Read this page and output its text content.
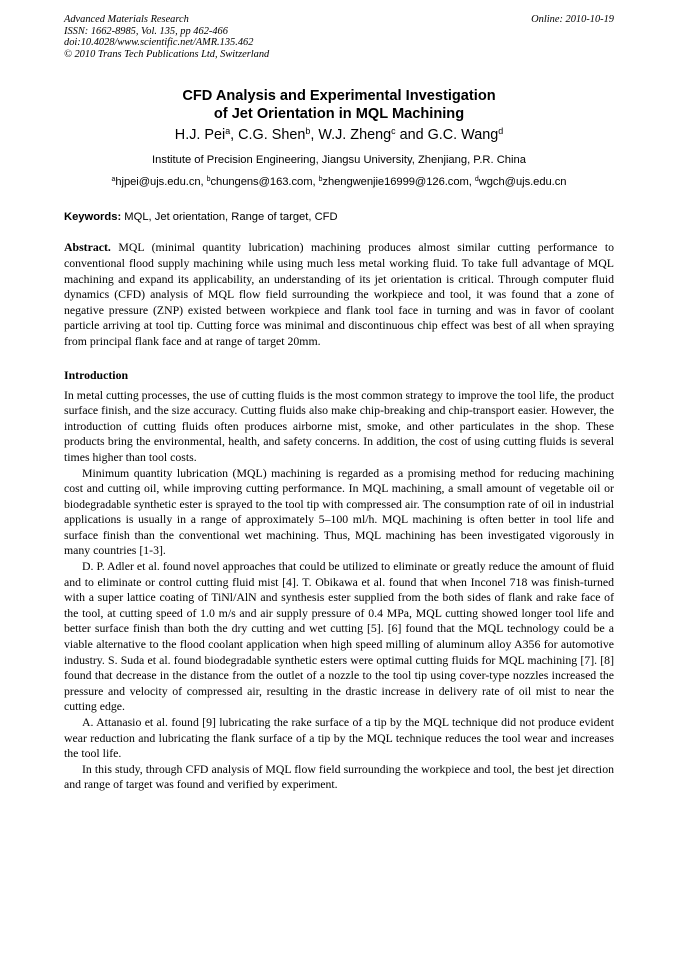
Advanced Materials Research
ISSN: 1662-8985, Vol. 135, pp 462-466
doi:10.4028/www.scientific.net/AMR.135.462
© 2010 Trans Tech Publications Ltd, Switzerland
Online: 2010-10-19
CFD Analysis and Experimental Investigation
of Jet Orientation in MQL Machining
H.J. Pei$^a$, C.G. Shen$^b$, W.J. Zheng$^c$ and G.C. Wang$^d$
Institute of Precision Engineering, Jiangsu University, Zhenjiang, P.R. China
$^a$hjpei@ujs.edu.cn, $^b$chungens@163.com, $^b$zhengwenjie16999@126.com, $^d$wgch@ujs.edu.cn
Keywords: MQL, Jet orientation, Range of target, CFD
Abstract. MQL (minimal quantity lubrication) machining produces almost similar cutting performance to conventional flood supply machining while using much less metal working fluid. To take full advantage of MQL machining and expand its applicability, an understanding of its jet orientation is critical. Through computer fluid dynamics (CFD) analysis of MQL flow field surrounding the workpiece and tool, it was found that a zone of negative pressure (ZNP) existed between workpiece and flank tool face in turning and was in favor of coolant particle arriving at tool tip. Cutting force was minimal and discontinuous chip effect was best of all when spraying from principal flank face and at range of target 20mm.
Introduction

In metal cutting processes, the use of cutting fluids is the most common strategy to improve the tool life, the product surface finish, and the size accuracy. Cutting fluids also make chip-breaking and chip-transport easier. However, the introduction of cutting fluids often produces airborne mist, smoke, and other particulates in the shop. These products bring the environmental, health, and safety concerns. In addition, the cost of using cutting fluids is several times higher than tool costs.

Minimum quantity lubrication (MQL) machining is regarded as a promising method for reducing machining cost and cutting oil, while improving cutting performance. In MQL machining, a small amount of vegetable oil or biodegradable synthetic ester is sprayed to the tool tip with compressed air. The consumption rate of oil in industrial applications is usually in a range of approximately 5–100 ml/h. MQL machining is often better in tool life and surface finish than the conventional wet machining. Thus, MQL machining has been investigated vigorously in many countries [1-3].

D. P. Adler et al. found novel approaches that could be utilized to eliminate or greatly reduce the amount of fluid and to eliminate or control cutting fluid mist [4]. T. Obikawa et al. found that when Inconel 718 was finish-turned with a super lattice coating of TiNl/AlN and synthesis ester supplied from the both sides of flank and rake face of the tool, at cutting speed of 1.0 m/s and air supply pressure of 0.4 MPa, MQL cutting showed longer tool life and better surface finish than both the dry cutting and wet cutting [5]. [6] found that the MQL technology could be a viable alternative to the flood coolant application when high speed milling of aluminum alloy A356 for automotive industry. S. Suda et al. found biodegradable synthetic esters were optimal cutting fluids for MQL machining [7]. [8] found that decrease in the distance from the outlet of a nozzle to the tool tip using cover-type nozzles increased the pressure and velocity of compressed air, resulting in the drastic increase in delivery rate of oil mist to near the cutting edge.

A. Attanasio et al. found [9] lubricating the rake surface of a tip by the MQL technique did not produce evident wear reduction and lubricating the flank surface of a tip by the MQL technique reduces the tool wear and increases the tool life.

In this study, through CFD analysis of MQL flow field surrounding the workpiece and tool, the best jet direction and range of target was found and verified by experiment.
